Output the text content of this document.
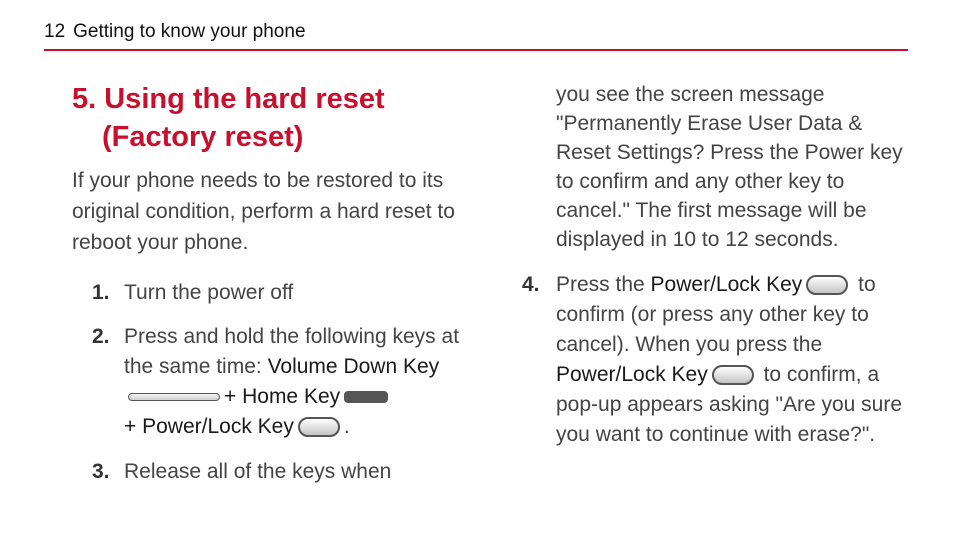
12 Getting to know your phone
5. Using the hard reset
(Factory reset)
If your phone needs to be restored to its original condition, perform a hard reset to reboot your phone.
1. Turn the power off
2. Press and hold the following keys at the same time: Volume Down Key+ Home Key
+ Power/Lock Key .
3. Release all of the keys when
you see the screen message "Permanently Erase User Data & Reset Settings? Press the Power key to confirm and any other key to cancel." The first message will be displayed in 10 to 12 seconds.
4. Press the Power/Lock Key to confirm (or press any other key to cancel). When you press the Power/Lock Key to confirm, a pop-up appears asking "Are you sure you want to continue with erase?".
